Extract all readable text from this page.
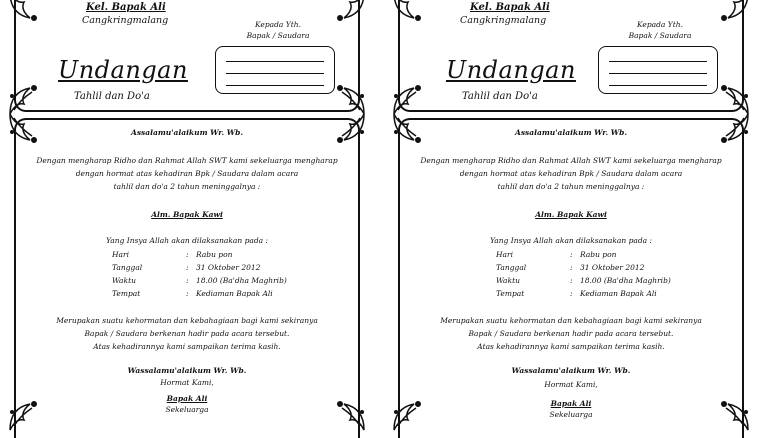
Kel. Bapak Ali
Cangkringmalang	Kepada Yth.
Bapak / Saudara
Undangan
Tahlil dan Do'a
Assalamu'alaikum Wr. Wb.
Dengan mengharap Ridho dan Rahmat Allah SWT kami sekeluarga mengharap
dengan hormat atas kehadiran Bpk / Saudara dalam acara
tahlil dan do'a 2 tahun meninggalnya :
Alm. Bapak Kawi
Yang Insya Allah akan dilaksanakan pada :
Hari	: Rabu pon
Tanggal	: 31 Oktober 2012
Waktu	: 18.00 (Ba'dha Maghrib)
Tempat	: Kediaman Bapak Ali
Merupakan suatu kehormatan dan kebahagiaan bagi kami sekiranya
Bapak / Saudara berkenan hadir pada acara tersebut.
Atas kehadirannya kami sampaikan terima kasih.
Wassalamu'alaikum Wr. Wb.
Hormat Kami,
Bapak Ali
Sekeluarga
Kel. Bapak Ali
Cangkringmalang	Kepada Yth.
Bapak / Saudara
Undangan
Tahlil dan Do'a
Assalamu'alaikum Wr. Wb.
Dengan mengharap Ridho dan Rahmat Allah SWT kami sekeluarga mengharap
dengan hormat atas kehadiran Bpk / Saudara dalam acara
tahlil dan do'a 2 tahun meninggalnya :
Alm. Bapak Kawi
Yang Insya Allah akan dilaksanakan pada :
Hari	: Rabu pon
Tanggal	: 31 Oktober 2012
Waktu	: 18.00 (Ba'dha Maghrib)
Tempat	: Kediaman Bapak Ali
Merupakan suatu kehormatan dan kebahagiaan bagi kami sekiranya
Bapak / Saudara berkenan hadir pada acara tersebut.
Atas kehadirannya kami sampaikan terima kasih.
Wassalamu'alaikum Wr. Wb.
Hormat Kami,
Bapak Ali
Sekeluarga
